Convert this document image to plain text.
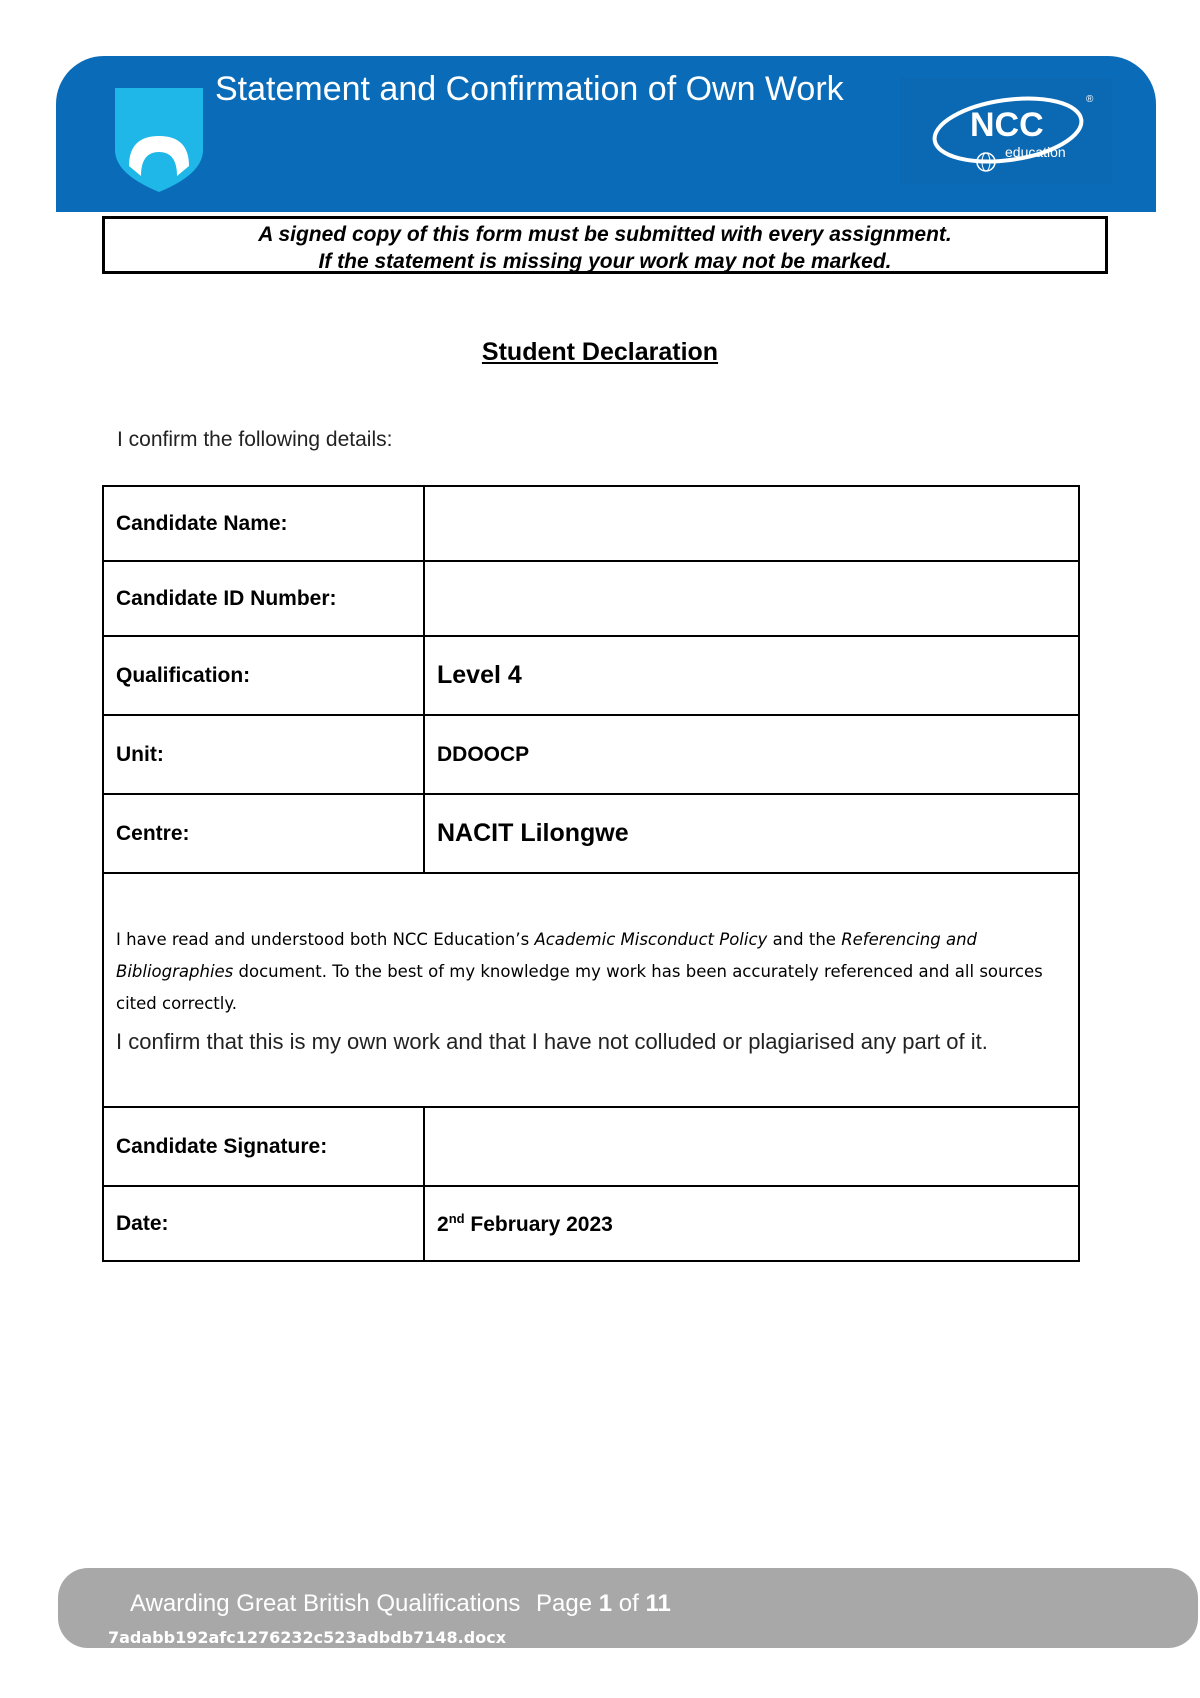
Statement and Confirmation of Own Work
NCC
education
®
A signed copy of this form must be submitted with every assignment.
If the statement is missing your work may not be marked.
Student Declaration
I confirm the following details:
Candidate Name:	
Candidate ID Number:	
Qualification:	Level 4
Unit:	DDOOCP
Centre:	NACIT Lilongwe

I have read and understood both NCC Education’s Academic Misconduct Policy and the Referencing and Bibliographies document. To the best of my knowledge my work has been accurately referenced and all sources cited correctly.

I confirm that this is my own work and that I have not colluded or plagiarised any part of it.	

Candidate Signature:	
Date:	2nd February 2023
Awarding Great British Qualifications Page 1 of 11
7adabb192afc1276232c523adbdb7148.docx
